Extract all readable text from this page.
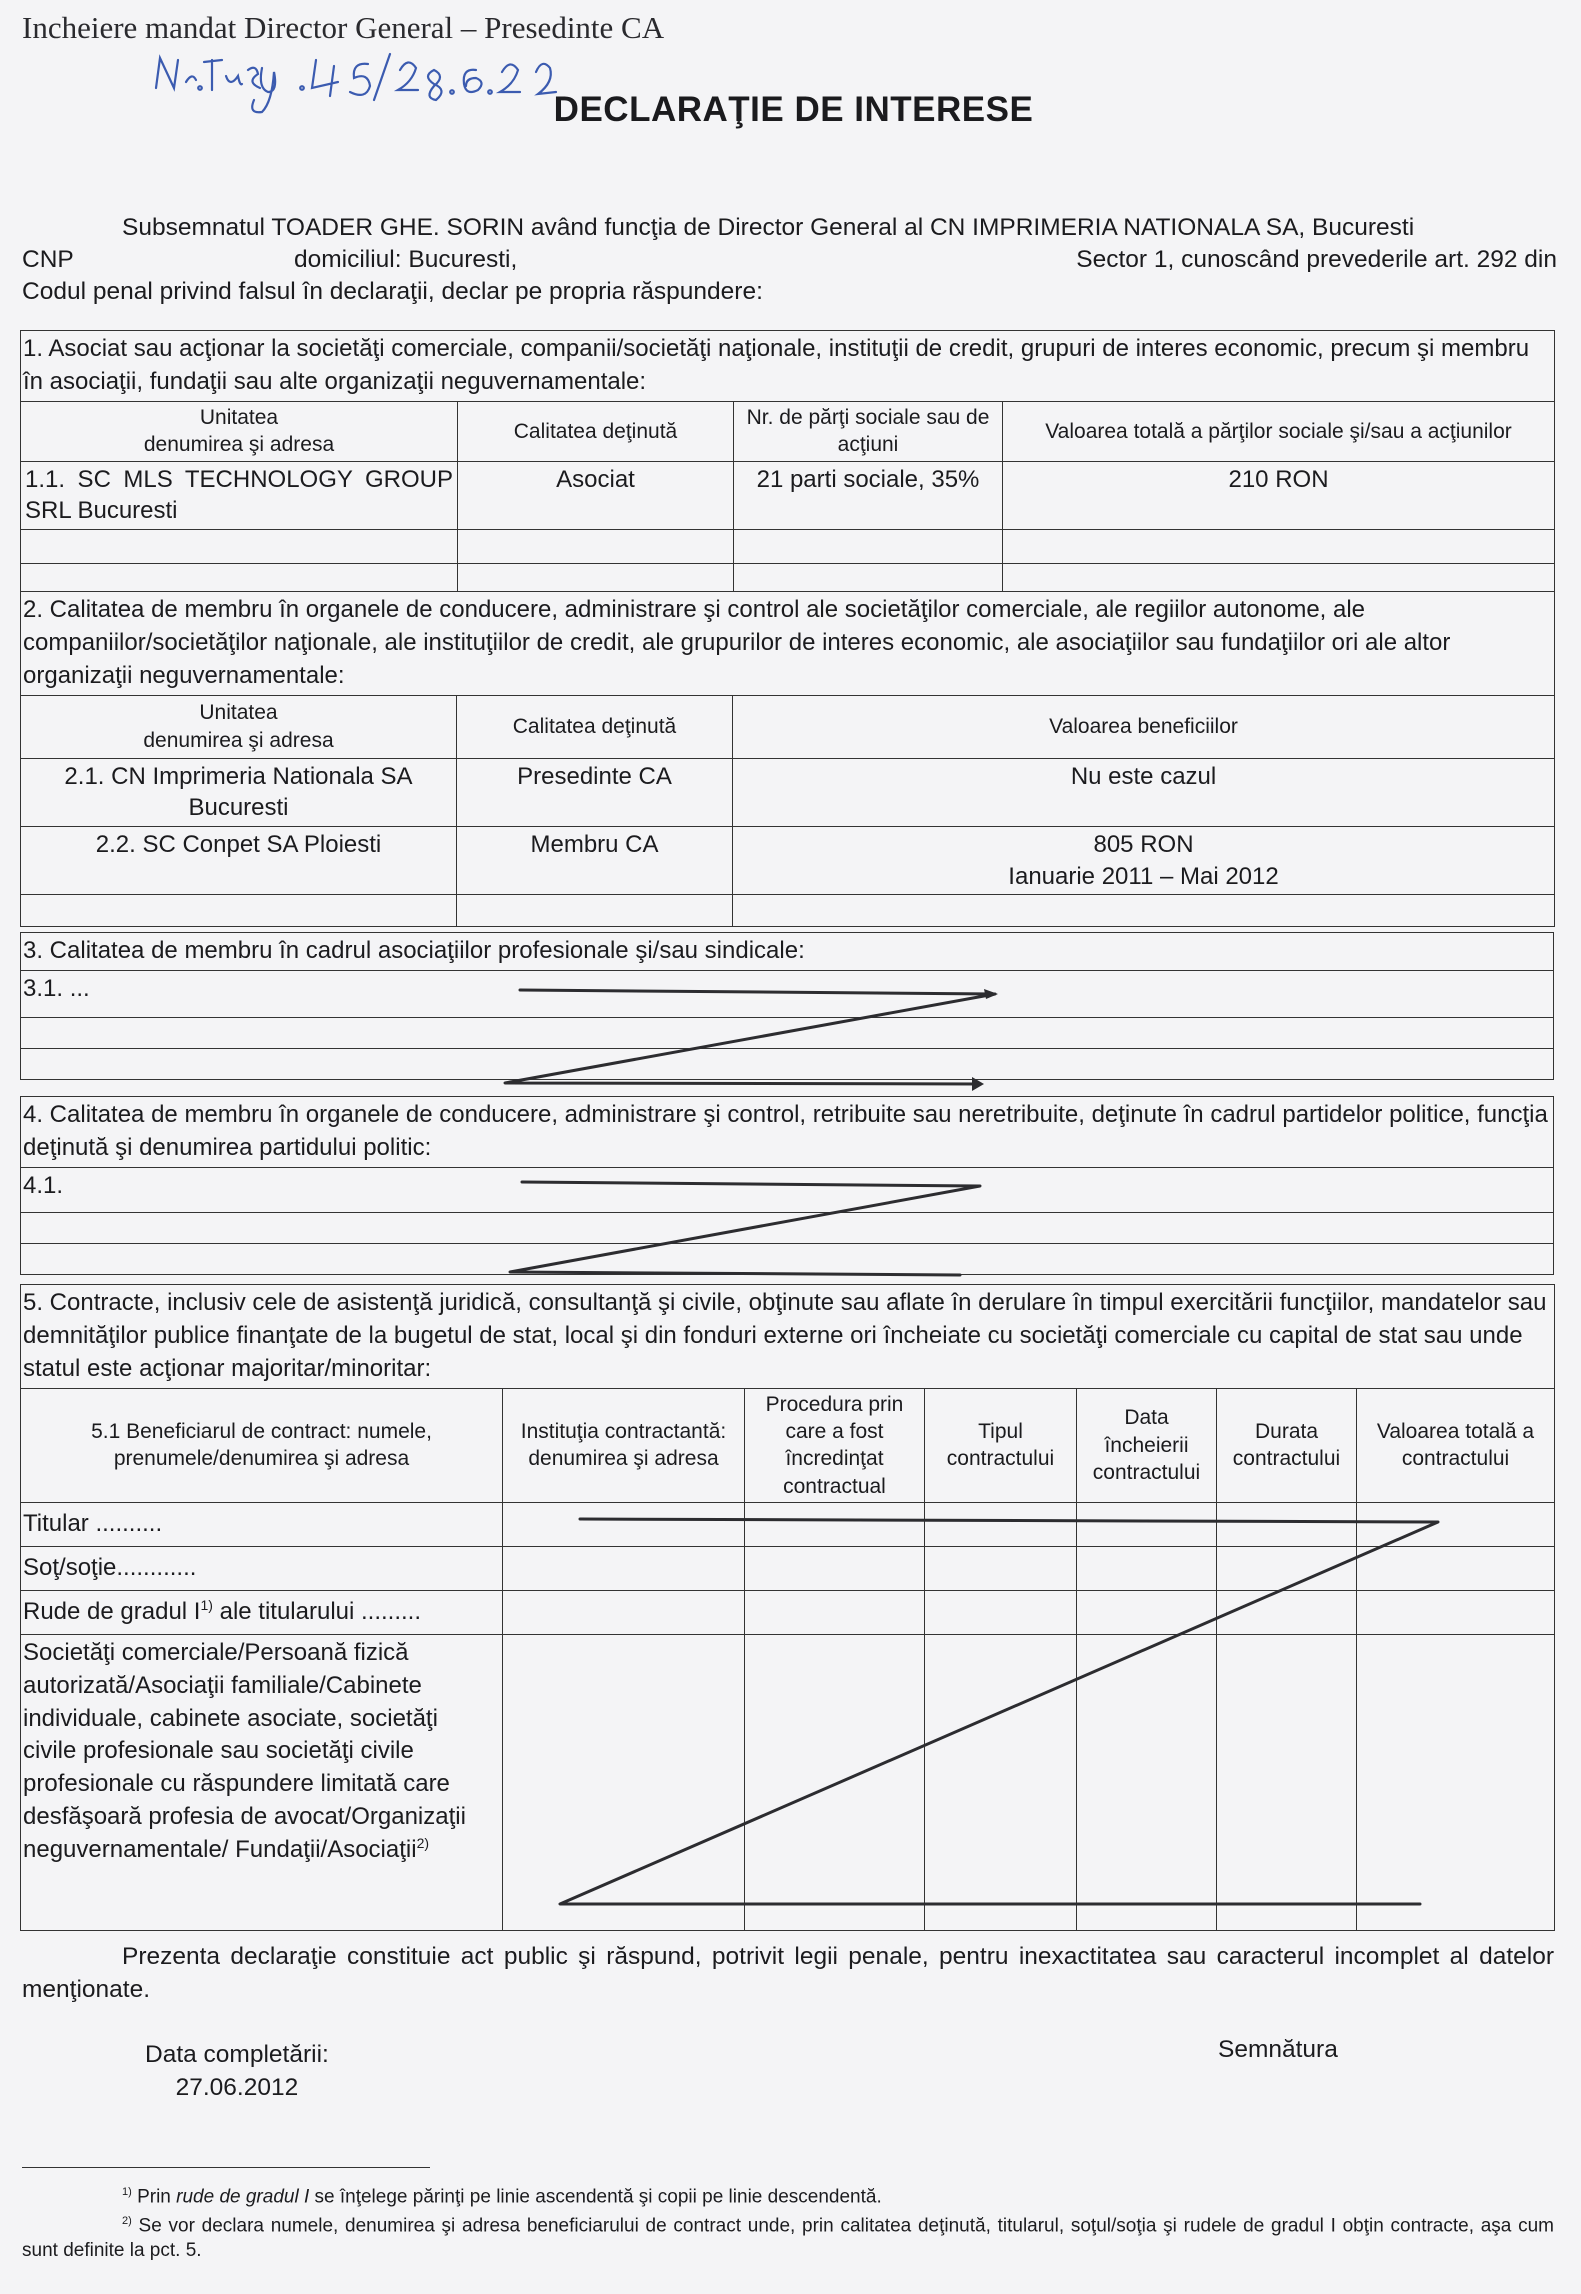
Incheiere mandat Director General – Presedinte CA
DECLARAŢIE DE INTERESE

Subsemnatul TOADER GHE. SORIN având funcţia de Director General al CN IMPRIMERIA NATIONALA SA, Bucuresti

CNP	domiciliul: Bucuresti,	Sector 1, cunoscând prevederile art. 292 din

Codul penal privind falsul în declaraţii, declar pe propria răspundere:

1. Asociat sau acţionar la societăţi comerciale, companii/societăţi naţionale, instituţii de credit, grupuri de interes economic, precum şi membru în asociaţii, fundaţii sau alte organizaţii neguvernamentale:			
Unitatea
denumirea şi adresa	Calitatea deţinută	Nr. de părţi sociale sau de acţiuni	Valoarea totală a părţilor sociale şi/sau a acţiunilor
1.1. SC MLS TECHNOLOGY GROUP SRL Bucuresti	Asociat	21 parti sociale, 35%	210 RON

2. Calitatea de membru în organele de conducere, administrare şi control ale societăţilor comerciale, ale regiilor autonome, ale companiilor/societăţilor naţionale, ale instituţiilor de credit, ale grupurilor de interes economic, ale asociaţiilor sau fundaţiilor ori ale altor organizaţii neguvernamentale:		
Unitatea
denumirea şi adresa	Calitatea deţinută	Valoarea beneficiilor
2.1. CN Imprimeria Nationala SA Bucuresti	Presedinte CA	Nu este cazul
2.2. SC Conpet SA Ploiesti	Membru CA	805 RON
Ianuarie 2011 – Mai 2012

3. Calitatea de membru în cadrul asociaţiilor profesionale şi/sau sindicale:
3.1. ...

4. Calitatea de membru în organele de conducere, administrare şi control, retribuite sau neretribuite, deţinute în cadrul partidelor politice, funcţia deţinută şi denumirea partidului politic:
4.1.

5. Contracte, inclusiv cele de asistenţă juridică, consultanţă şi civile, obţinute sau aflate în derulare în timpul exercitării funcţiilor, mandatelor sau demnităţilor publice finanţate de la bugetul de stat, local şi din fonduri externe ori încheiate cu societăţi comerciale cu capital de stat sau unde statul este acţionar majoritar/minoritar:						
5.1 Beneficiarul de contract: numele, prenumele/denumirea şi adresa	Instituţia contractantă: denumirea şi adresa	Procedura prin care a fost încredinţat contractual	Tipul contractului	Data încheierii contractului	Durata contractului	Valoarea totală a contractului
Titular ..........						
Soţ/soţie............						
Rude de gradul $I^{1)}$ ale titularului .........						
Societăţi comerciale/Persoană fizică autorizată/Asociaţii familiale/Cabinete individuale, cabinete asociate, societăţi civile profesionale sau societăţi civile profesionale cu răspundere limitată care desfăşoară profesia de avocat/Organizaţii neguvernamentale/ Fundaţii/Asociaţii$^{2)}$						

Prezenta declaraţie constituie act public şi răspund, potrivit legii penale, pentru inexactitatea sau caracterul incomplet al datelor menţionate.

Data completării:
27.06.2012
Semnătura
$^{1)}$ Prin rude de gradul I se înţelege părinţi pe linie ascendentă şi copii pe linie descendentă.
$^{2)}$ Se vor declara numele, denumirea şi adresa beneficiarului de contract unde, prin calitatea deţinută, titularul, soţul/soţia şi rudele de gradul I obţin contracte, aşa cum sunt definite la pct. 5.
